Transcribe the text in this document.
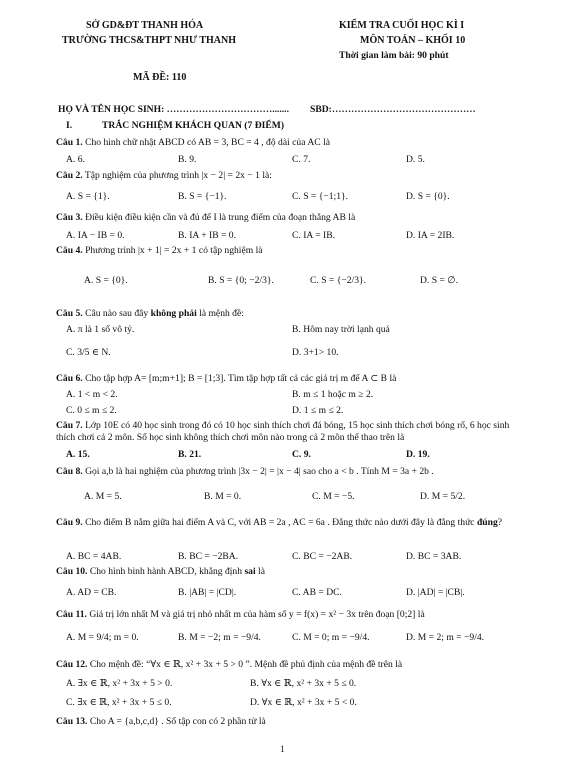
SỞ GD&ĐT THANH HÓA
TRƯỜNG THCS&THPT NHƯ THANH
MÃ ĐỀ: 110
KIỂM TRA CUỐI HỌC KÌ I
MÔN TOÁN – KHỐI 10
Thời gian làm bài: 90 phút
HỌ VÀ TÊN HỌC SINH: ……………………………....... SBD:………………………………………
I.	TRẮC NGHIỆM KHÁCH QUAN (7 ĐIỂM)
Câu 1. Cho hình chữ nhật ABCD có AB = 3, BC = 4 , độ dài của AC là
A. 6.	B. 9.	C. 7.	D. 5.
Câu 2. Tập nghiệm của phương trình |x − 2| = 2x − 1 là:
A. S = {1}.	B. S = {−1}.	C. S = {−1;1}.	D. S = {0}.
Câu 3. Điều kiện điều kiện cần và đủ để I là trung điểm của đoạn thẳng AB là
A. IA − IB = 0.	B. IA + IB = 0.	C. IA = IB.	D. IA = 2IB.
Câu 4. Phương trình |x + 1| = 2x + 1 có tập nghiệm là
A. S = {0}.	B. S = {0; −2/3}.	C. S = {−2/3}.	D. S = ∅.
Câu 5. Câu nào sau đây không phải là mệnh đề:
A. π là 1 số vô tỷ.	B. Hôm nay trời lạnh quá
C. 3/5 ∈ N.	D. 3+1> 10.
Câu 6. Cho tập hợp A= [m;m+1]; B = [1;3]. Tìm tập hợp tất cả các giá trị m để A ⊂ B là
A. 1 < m < 2.	B. m ≤ 1 hoặc m ≥ 2.
C. 0 ≤ m ≤ 2.	D. 1 ≤ m ≤ 2.
Câu 7. Lớp 10E có 40 học sinh trong đó có 10 học sinh thích chơi đá bóng, 15 học sinh thích chơi bóng rổ, 6 học sinh thích chơi cả 2 môn. Số học sinh không thích chơi môn nào trong cả 2 môn thể thao trên là
A. 15.	B. 21.	C. 9.	D. 19.
Câu 8. Gọi a,b là hai nghiệm của phương trình |3x − 2| = |x − 4| sao cho a < b . Tính M = 3a + 2b .
A. M = 5.	B. M = 0.	C. M = −5.	D. M = 5/2.
Câu 9. Cho điểm B nằm giữa hai điểm A và C, với AB = 2a , AC = 6a . Đẳng thức nào dưới đây là đẳng thức đúng?
A. BC = 4AB.	B. BC = −2BA.	C. BC = −2AB.	D. BC = 3AB.
Câu 10. Cho hình bình hành ABCD, khẳng định sai là
A. AD = CB.	B. |AB| = |CD|.	C. AB = DC.	D. |AD| = |CB|.
Câu 11. Giá trị lớn nhất M và giá trị nhỏ nhất m của hàm số y = f(x) = x² − 3x trên đoạn [0;2] là
A. M = 9/4; m = 0.	B. M = −2; m = −9/4.	C. M = 0; m = −9/4.	D. M = 2; m = −9/4.
Câu 12. Cho mệnh đề: “∀x ∈ ℝ, x² + 3x + 5 > 0 ”. Mệnh đề phủ định của mệnh đề trên là
A. ∃x ∈ ℝ, x² + 3x + 5 > 0.	B. ∀x ∈ ℝ, x² + 3x + 5 ≤ 0.
C. ∃x ∈ ℝ, x² + 3x + 5 ≤ 0.	D. ∀x ∈ ℝ, x² + 3x + 5 < 0.
Câu 13. Cho A = {a,b,c,d} . Số tập con có 2 phần tử là
1
